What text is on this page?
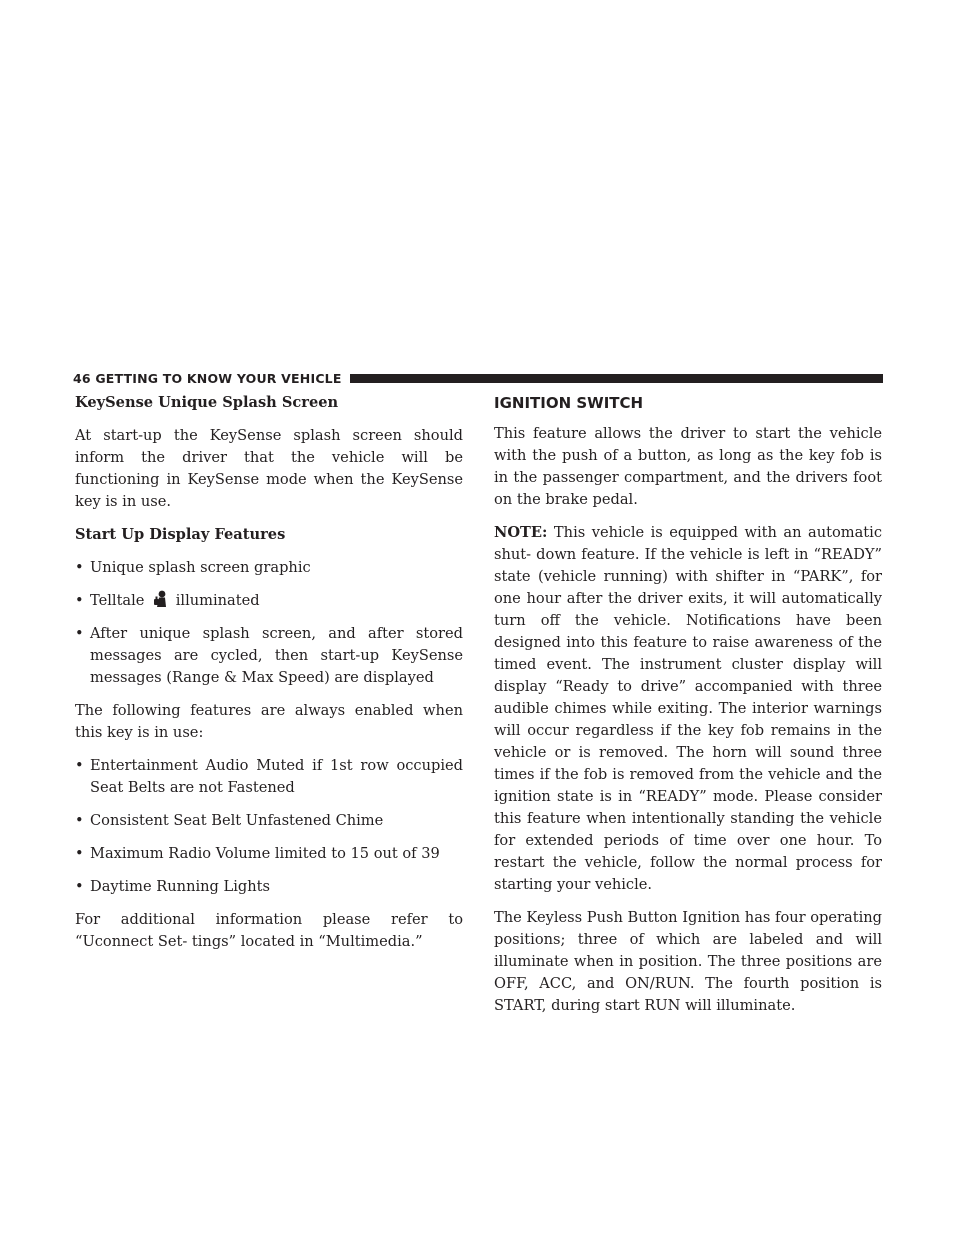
46 GETTING TO KNOW YOUR VEHICLE

KeySense Unique Splash Screen

At start-up the KeySense splash screen should inform the driver that the vehicle will be functioning in KeySense mode when the KeySense key is in use.

Start Up Display Features

• Unique splash screen graphic
• Telltale illuminated
• After unique splash screen, and after stored messages are cycled, then start-up KeySense messages (Range & Max Speed) are displayed

The following features are always enabled when this key is in use:

• Entertainment Audio Muted if 1st row occupied Seat Belts are not Fastened
• Consistent Seat Belt Unfastened Chime
• Maximum Radio Volume limited to 15 out of 39
• Daytime Running Lights

For additional information please refer to “Uconnect Set- tings” located in “Multimedia.”

IGNITION SWITCH

This feature allows the driver to start the vehicle with the push of a button, as long as the key fob is in the passenger compartment, and the drivers foot on the brake pedal.

NOTE: This vehicle is equipped with an automatic shut- down feature. If the vehicle is left in “READY” state (vehicle running) with shifter in “PARK”, for one hour after the driver exits, it will automatically turn off the vehicle. Notifications have been designed into this feature to raise awareness of the timed event. The instrument cluster display will display “Ready to drive” accompanied with three audible chimes while exiting. The interior warnings will occur regardless if the key fob remains in the vehicle or is removed. The horn will sound three times if the fob is removed from the vehicle and the ignition state is in “READY” mode. Please consider this feature when intentionally standing the vehicle for extended periods of time over one hour. To restart the vehicle, follow the normal process for starting your vehicle.

The Keyless Push Button Ignition has four operating positions; three of which are labeled and will illuminate when in position. The three positions are OFF, ACC, and ON/RUN. The fourth position is START, during start RUN will illuminate.
